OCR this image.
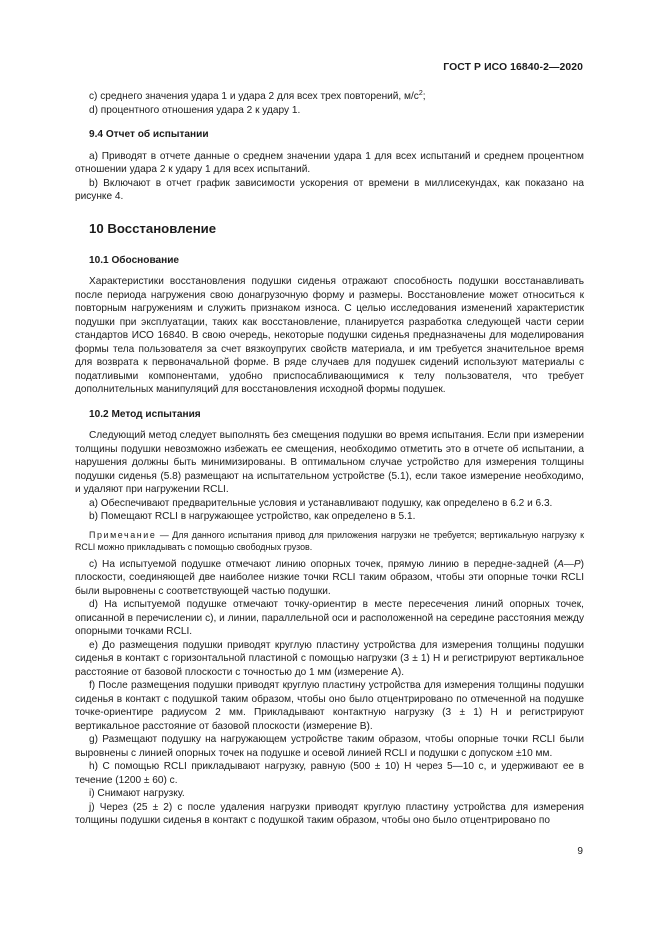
ГОСТ Р ИСО 16840-2—2020

c) среднего значения удара 1 и удара 2 для всех трех повторений, $м/с^2$;

d) процентного отношения удара 2 к удару 1.

9.4 Отчет об испытании

a) Приводят в отчете данные о среднем значении удара 1 для всех испытаний и среднем процентном отношении удара 2 к удару 1 для всех испытаний.

b) Включают в отчет график зависимости ускорения от времени в миллисекундах, как показано на рисунке 4.

10 Восстановление
10.1 Обоснование

Характеристики восстановления подушки сиденья отражают способность подушки восстанавливать после периода нагружения свою донагрузочную форму и размеры. Восстановление может относиться к повторным нагружениям и служить признаком износа. С целью исследования изменений характеристик подушки при эксплуатации, таких как восстановление, планируется разработка следующей части серии стандартов ИСО 16840. В свою очередь, некоторые подушки сиденья предназначены для моделирования формы тела пользователя за счет вязкоупругих свойств материала, и им требуется значительное время для возврата к первоначальной форме. В ряде случаев для подушек сидений используют материалы с податливыми компонентами, удобно приспосабливающимися к телу пользователя, что требует дополнительных манипуляций для восстановления исходной формы подушек.

10.2 Метод испытания

Следующий метод следует выполнять без смещения подушки во время испытания. Если при измерении толщины подушки невозможно избежать ее смещения, необходимо отметить это в отчете об испытании, а нарушения должны быть минимизированы. В оптимальном случае устройство для измерения толщины подушки сиденья (5.8) размещают на испытательном устройстве (5.1), если такое измерение необходимо, и удаляют при нагружении RCLI.

a) Обеспечивают предварительные условия и устанавливают подушку, как определено в 6.2 и 6.3.

b) Помещают RCLI в нагружающее устройство, как определено в 5.1.

Примечание — Для данного испытания привод для приложения нагрузки не требуется; вертикальную нагрузку к RCLI можно прикладывать с помощью свободных грузов.

c) На испытуемой подушке отмечают линию опорных точек, прямую линию в передне-задней (A—P) плоскости, соединяющей две наиболее низкие точки RCLI таким образом, чтобы эти опорные точки RCLI были выровнены с соответствующей частью подушки.

d) На испытуемой подушке отмечают точку-ориентир в месте пересечения линий опорных точек, описанной в перечислении c), и линии, параллельной оси и расположенной на середине расстояния между опорными точками RCLI.

e) До размещения подушки приводят круглую пластину устройства для измерения толщины подушки сиденья в контакт с горизонтальной пластиной с помощью нагрузки (3 ± 1) Н и регистрируют вертикальное расстояние от базовой плоскости с точностью до 1 мм (измерение А).

f) После размещения подушки приводят круглую пластину устройства для измерения толщины подушки сиденья в контакт с подушкой таким образом, чтобы оно было отцентрировано по отмеченной на подушке точке-ориентире радиусом 2 мм. Прикладывают контактную нагрузку (3 ± 1) Н и регистрируют вертикальное расстояние от базовой плоскости (измерение B).

g) Размещают подушку на нагружающем устройстве таким образом, чтобы опорные точки RCLI были выровнены с линией опорных точек на подушке и осевой линией RCLI и подушки с допуском ±10 мм.

h) С помощью RCLI прикладывают нагрузку, равную (500 ± 10) Н через 5—10 с, и удерживают ее в течение (1200 ± 60) с.

i) Снимают нагрузку.

j) Через (25 ± 2) с после удаления нагрузки приводят круглую пластину устройства для измерения толщины подушки сиденья в контакт с подушкой таким образом, чтобы оно было отцентрировано по

9
